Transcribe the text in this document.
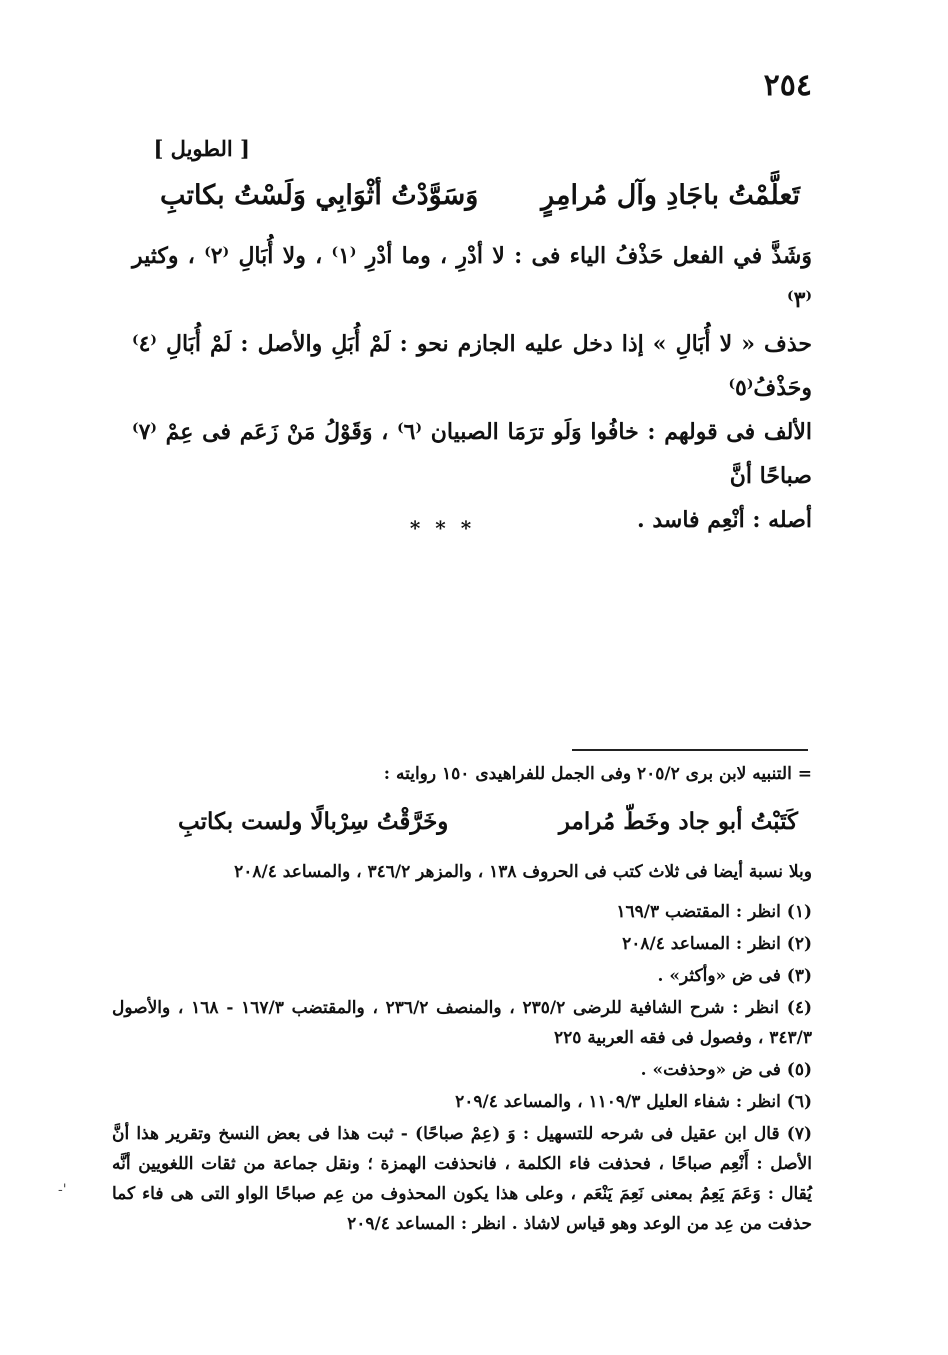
٢٥٤
[ الطويل ]
تَعلَّمْتُ باجَادِ وآل مُرامِرٍ
وَسَوَّدْتُ أثْوَابِي وَلَسْتُ بكاتبِ
وَشَذَّ في الفعل حَذْفُ الياء فى : لا أدْرِ ، وما أدْرِ ⁽١⁾ ، ولا أُبَالِ ⁽٢⁾ ، وكثير ⁽٣⁾
حذف « لا أُبَالِ » إذا دخل عليه الجازم نحو : لَمْ أُبَلِ والأصل : لَمْ أُبَالِ ⁽٤⁾ وحَذْفُ⁽٥⁾
الألف فى قولهم : خافُوا وَلَو ترَمَا الصبيان ⁽٦⁾ ، وَقَوْلُ مَنْ زَعَم فى عِمْ ⁽٧⁾ صباحًا أنَّ
أصله : أنْعِم فاسد .
* * *
= التنبيه لابن برى ٢٠٥/٢ وفى الجمل للفراهيدى ١٥٠ روايته :
كَتَبْتُ أبو جاد وخَطّ مُرامر
وخَرَّقْتُ سِرْبالًا ولست بكاتبِ
وبلا نسبة أيضا فى ثلاث كتب فى الحروف ١٣٨ ، والمزهر ٣٤٦/٢ ، والمساعد ٢٠٨/٤

(١) انظر : المقتضب ١٦٩/٣

(٢) انظر : المساعد ٢٠٨/٤

(٣) فى ض «وأكثر» .

(٤) انظر : شرح الشافية للرضى ٢٣٥/٢ ، والمنصف ٢٣٦/٢ ، والمقتضب ١٦٧/٣ - ١٦٨ ، والأصول ٣٤٣/٣ ، وفصول فى فقه العربية ٢٢٥

(٥) فى ض «وحذفت» .

(٦) انظر : شفاء العليل ١١٠٩/٣ ، والمساعد ٢٠٩/٤

(٧) قال ابن عقيل فى شرحه للتسهيل : وَ (عِمْ صباحًا) - ثبت هذا فى بعض النسخ وتقرير هذا أنَّ الأصل : أَنْعِم صباحًا ، فحذفت فاء الكلمة ، فانحذفت الهمزة ؛ ونقل جماعة من ثقات اللغويين أنَّه يُقال : وَعَمَ يَعِمُ بمعنى نَعِمَ يَنْعَم ، وعلى هذا يكون المحذوف من عِم صباحًا الواو التى هى فاء كما حذفت من عِد من الوعد وهو قياس لاشاذ . انظر : المساعد ٢٠٩/٤

-'
